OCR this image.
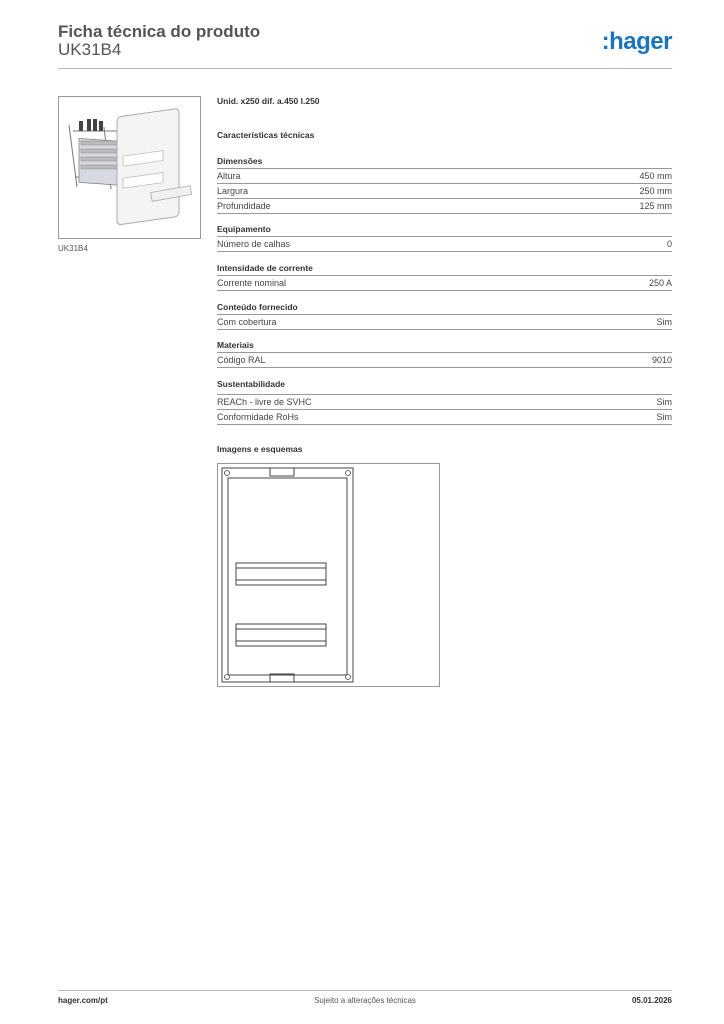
Ficha técnica do produto
UK31B4	:hager
UK31B4
Unid. x250 dif. a.450 l.250
Características técnicas
Dimensões
Altura	450 mm
Largura	250 mm
Profundidade	125 mm
Equipamento
Número de calhas	0
Intensidade de corrente
Corrente nominal	250 A
Conteúdo fornecido
Com cobertura	Sim
Materiais
Código RAL	9010
Sustentabilidade
REACh - livre de SVHC	Sim
Conformidade RoHs	Sim
Imagens e esquemas
hager.com/pt	Sujeito a alterações técnicas	05.01.2026
